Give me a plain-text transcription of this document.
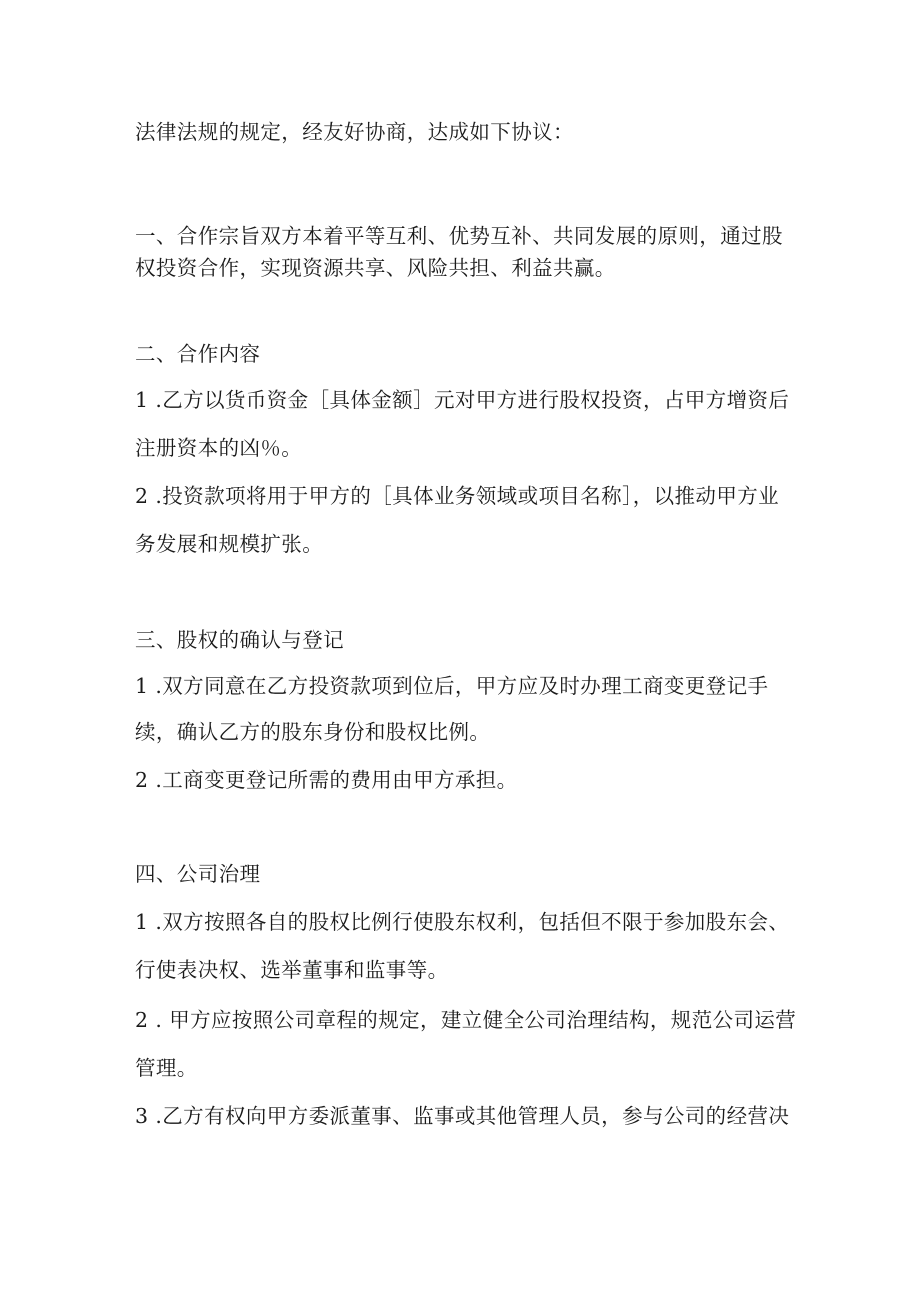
法律法规的规定，经友好协商，达成如下协议：
一、合作宗旨双方本着平等互利、优势互补、共同发展的原则，通过股
权投资合作，实现资源共享、风险共担、利益共赢。
二、合作内容
1 .乙方以货币资金［具体金额］元对甲方进行股权投资，占甲方增资后
注册资本的凶％。
2 .投资款项将用于甲方的［具体业务领域或项目名称］，以推动甲方业
务发展和规模扩张。
三、股权的确认与登记
1 .双方同意在乙方投资款项到位后，甲方应及时办理工商变更登记手
续，确认乙方的股东身份和股权比例。
2 .工商变更登记所需的费用由甲方承担。
四、公司治理
1 .双方按照各自的股权比例行使股东权利，包括但不限于参加股东会、
行使表决权、选举董事和监事等。
2 . 甲方应按照公司章程的规定，建立健全公司治理结构，规范公司运营
管理。
3 .乙方有权向甲方委派董事、监事或其他管理人员，参与公司的经营决
